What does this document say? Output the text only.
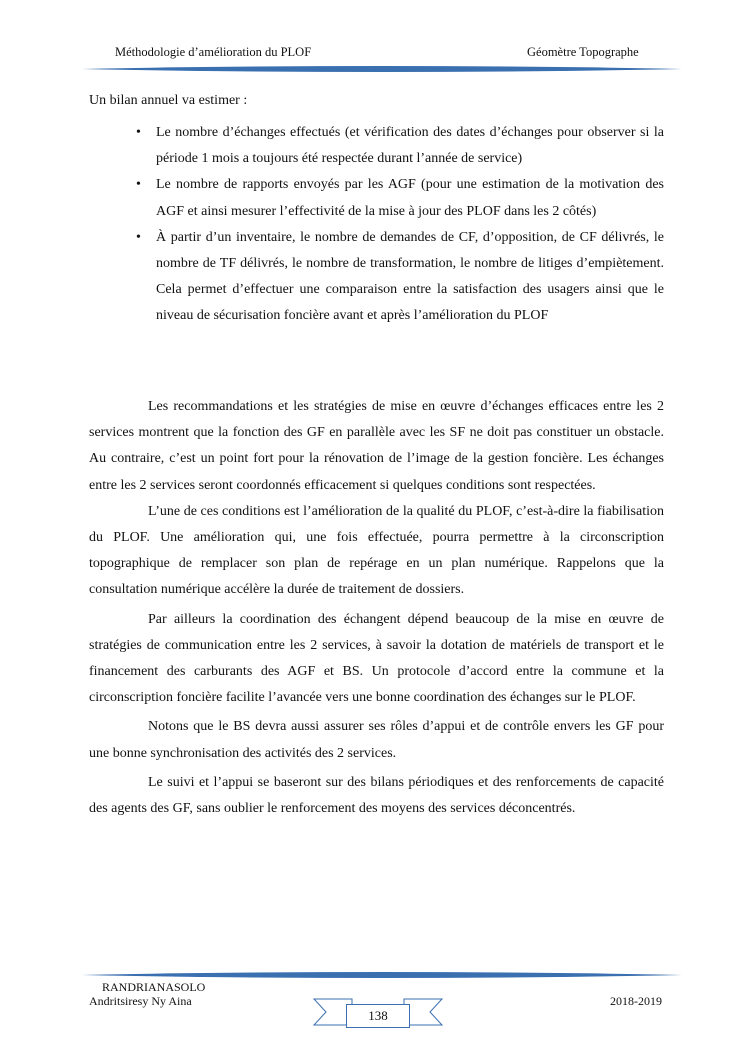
Méthodologie d’amélioration du PLOF	Géomètre Topographe
Un bilan annuel va estimer :
• Le nombre d’échanges effectués (et vérification des dates d’échanges pour observer si la période 1 mois a toujours été respectée durant l’année de service)
• Le nombre de rapports envoyés par les AGF (pour une estimation de la motivation des AGF et ainsi mesurer l’effectivité de la mise à jour des PLOF dans les 2 côtés)
• À partir d’un inventaire, le nombre de demandes de CF, d’opposition, de CF délivrés, le nombre de TF délivrés, le nombre de transformation, le nombre de litiges d’empiètement. Cela permet d’effectuer une comparaison entre la satisfaction des usagers ainsi que le niveau de sécurisation foncière avant et après l’amélioration du PLOF

Les recommandations et les stratégies de mise en œuvre d’échanges efficaces entre les 2 services montrent que la fonction des GF en parallèle avec les SF ne doit pas constituer un obstacle. Au contraire, c’est un point fort pour la rénovation de l’image de la gestion foncière. Les échanges entre les 2 services seront coordonnés efficacement si quelques conditions sont respectées.

L’une de ces conditions est l’amélioration de la qualité du PLOF, c’est-à-dire la fiabilisation du PLOF. Une amélioration qui, une fois effectuée, pourra permettre à la circonscription topographique de remplacer son plan de repérage en un plan numérique. Rappelons que la consultation numérique accélère la durée de traitement de dossiers.

Par ailleurs la coordination des échangent dépend beaucoup de la mise en œuvre de stratégies de communication entre les 2 services, à savoir la dotation de matériels de transport et le financement des carburants des AGF et BS. Un protocole d’accord entre la commune et la circonscription foncière facilite l’avancée vers une bonne coordination des échanges sur le PLOF.

Notons que le BS devra aussi assurer ses rôles d’appui et de contrôle envers les GF pour une bonne synchronisation des activités des 2 services.

Le suivi et l’appui se baseront sur des bilans périodiques et des renforcements de capacité des agents des GF, sans oublier le renforcement des moyens des services déconcentrés.

RANDRIANASOLO
Andritsiresy Ny Aina
138
2018-2019
